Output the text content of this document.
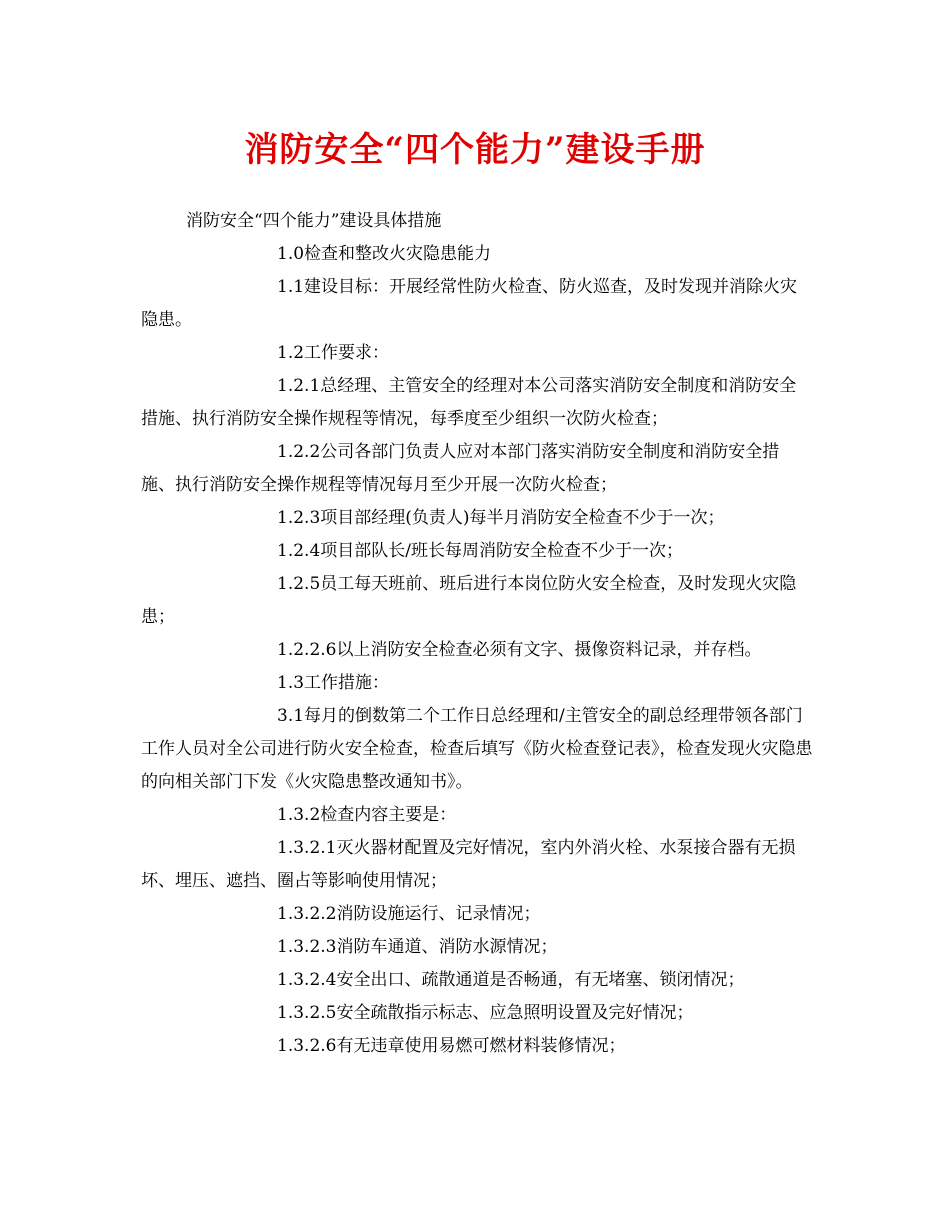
消防安全“四个能力”建设手册

消防安全“四个能力”建设具体措施

1.0检查和整改火灾隐患能力

1.1建设目标：开展经常性防火检查、防火巡查，及时发现并消除火灾隐患。

1.2工作要求：

1.2.1总经理、主管安全的经理对本公司落实消防安全制度和消防安全措施、执行消防安全操作规程等情况，每季度至少组织一次防火检查；

1.2.2公司各部门负责人应对本部门落实消防安全制度和消防安全措施、执行消防安全操作规程等情况每月至少开展一次防火检查；

1.2.3项目部经理(负责人)每半月消防安全检查不少于一次；

1.2.4项目部队长/班长每周消防安全检查不少于一次；

1.2.5员工每天班前、班后进行本岗位防火安全检查，及时发现火灾隐患；

1.2.2.6以上消防安全检查必须有文字、摄像资料记录，并存档。

1.3工作措施：

3.1每月的倒数第二个工作日总经理和/主管安全的副总经理带领各部门工作人员对全公司进行防火安全检查，检查后填写《防火检查登记表》，检查发现火灾隐患的向相关部门下发《火灾隐患整改通知书》。

1.3.2检查内容主要是：

1.3.2.1灭火器材配置及完好情况，室内外消火栓、水泵接合器有无损坏、埋压、遮挡、圈占等影响使用情况；

1.3.2.2消防设施运行、记录情况；

1.3.2.3消防车通道、消防水源情况；

1.3.2.4安全出口、疏散通道是否畅通，有无堵塞、锁闭情况；

1.3.2.5安全疏散指示标志、应急照明设置及完好情况；

1.3.2.6有无违章使用易燃可燃材料装修情况；
